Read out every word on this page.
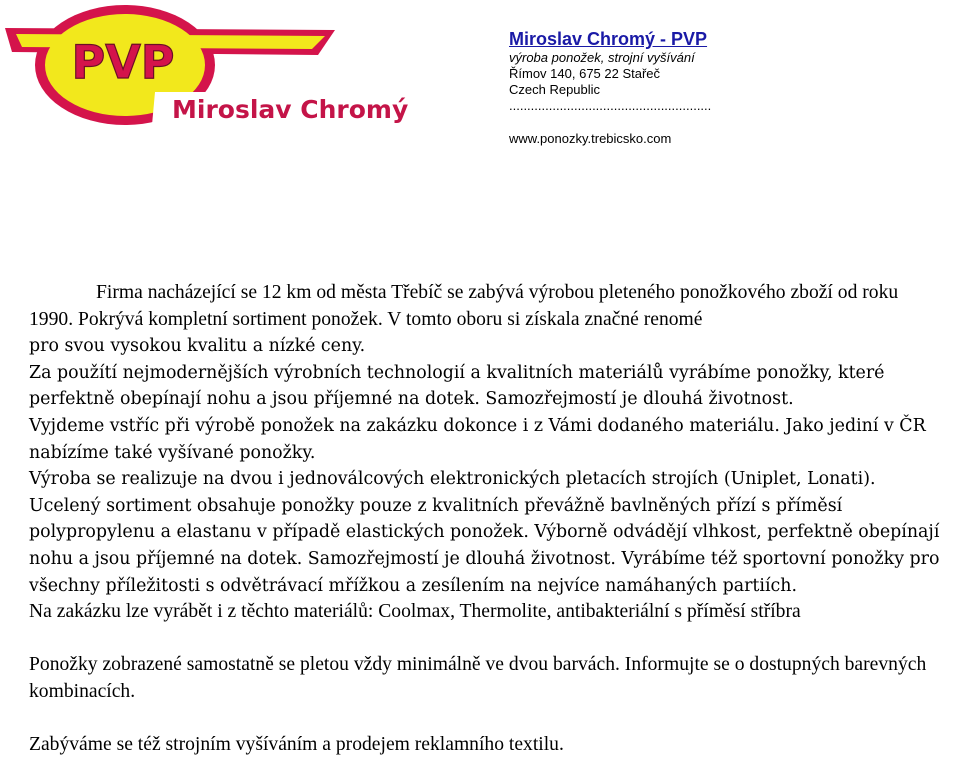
PVP
Miroslav Chromý
Miroslav Chromý - PVP
výroba ponožek, strojní vyšívání
Římov 140, 675 22 Stařeč
Czech Republic
........................................................
www.ponozky.trebicsko.com

Firma nacházející se 12 km od města Třebíč se zabývá výrobou pleteného ponožkového zboží od roku 1990. Pokrývá kompletní sortiment ponožek. V tomto oboru si získala značné renomé

pro svou vysokou kvalitu a nízké ceny.

Za použítí nejmodernějších výrobních technologií a kvalitních materiálů vyrábíme ponožky, které perfektně obepínají nohu a jsou příjemné na dotek. Samozřejmostí je dlouhá životnost.

Vyjdeme vstříc při výrobě ponožek na zakázku dokonce i z Vámi dodaného materiálu. Jako jediní v ČR nabízíme také vyšívané ponožky.

Výroba se realizuje na dvou i jednoválcových elektronických pletacích strojích (Uniplet, Lonati).

Ucelený sortiment obsahuje ponožky pouze z kvalitních převážně bavlněných přízí s příměsí polypropylenu a elastanu v případě elastických ponožek. Výborně odvádějí vlhkost, perfektně obepínají nohu a jsou příjemné na dotek. Samozřejmostí je dlouhá životnost. Vyrábíme též sportovní ponožky pro všechny příležitosti s odvětrávací mřížkou a zesílením na nejvíce namáhaných partiích.

Na zakázku lze vyrábět i z těchto materiálů: Coolmax, Thermolite, antibakteriální s příměsí stříbra

Ponožky zobrazené samostatně se pletou vždy minimálně ve dvou barvách. Informujte se o dostupných barevných kombinacích.

Zabýváme se též strojním vyšíváním a prodejem reklamního textilu.
